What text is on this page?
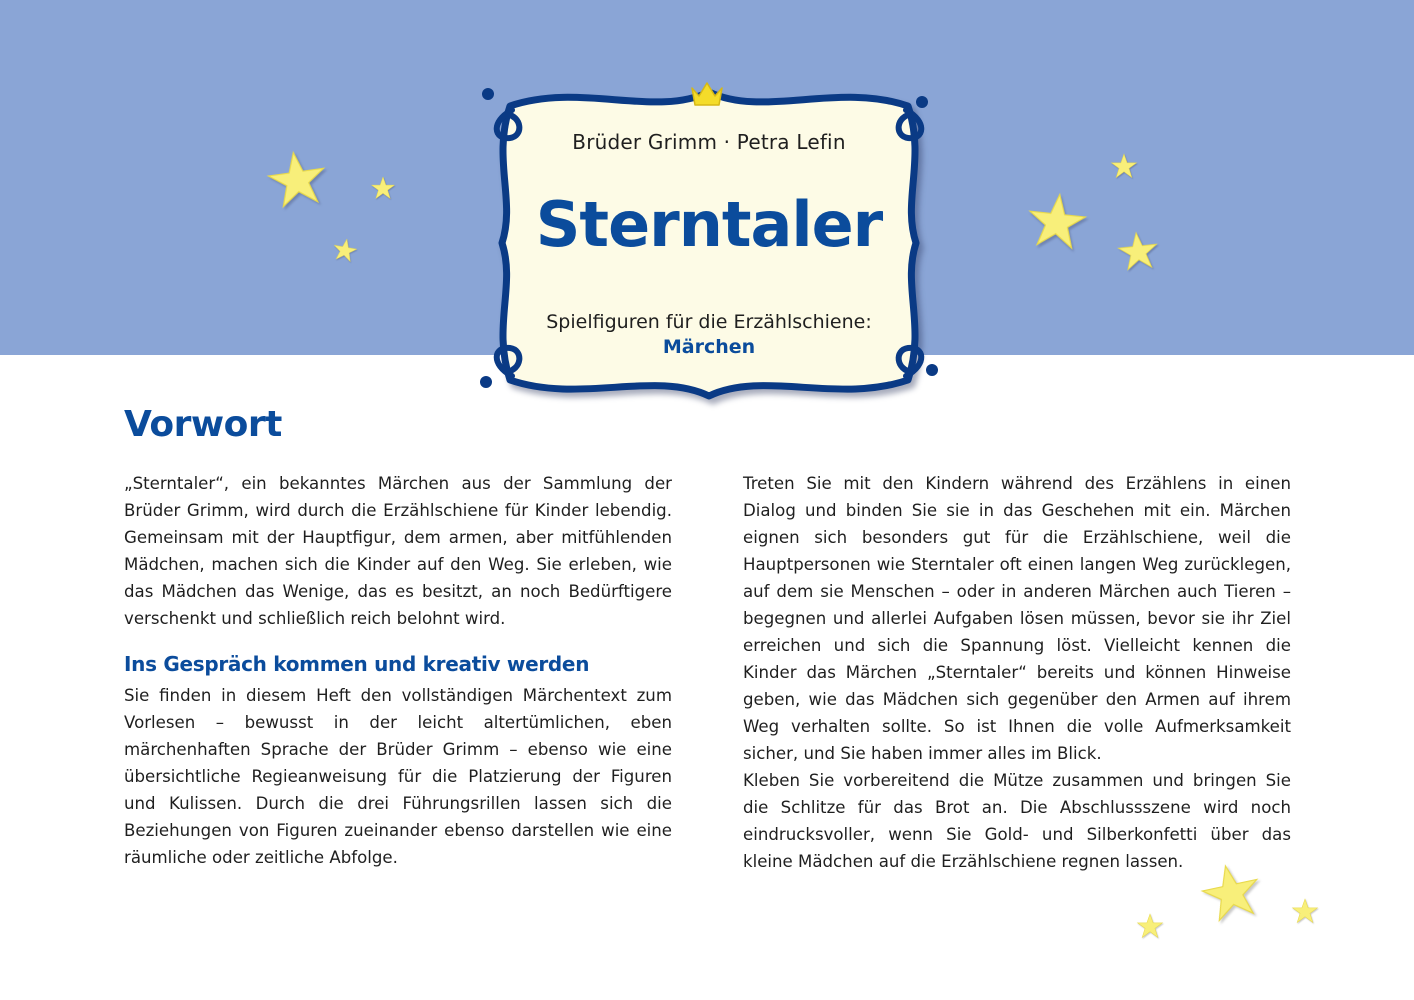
Brüder Grimm · Petra Lefin
Sterntaler
Spielfiguren für die Erzählschiene:
Märchen
Vorwort

„Sterntaler“, ein bekanntes Märchen aus der Sammlung der Brüder Grimm, wird durch die Erzählschiene für Kinder lebendig. Gemeinsam mit der Hauptfigur, dem armen, aber mitfühlenden Mädchen, machen sich die Kinder auf den Weg. Sie erleben, wie das Mädchen das Wenige, das es besitzt, an noch Bedürftigere verschenkt und schließlich reich belohnt wird.

Ins Gespräch kommen und kreativ werden

Sie finden in diesem Heft den vollständigen Märchentext zum Vorlesen – bewusst in der leicht altertümlichen, eben märchenhaften Sprache der Brüder Grimm – ebenso wie eine übersichtliche Regieanweisung für die Platzierung der Figuren und Kulissen. Durch die drei Führungsrillen lassen sich die Beziehungen von Figuren zueinander ebenso darstellen wie eine räumliche oder zeitliche Abfolge.

Treten Sie mit den Kindern während des Erzählens in einen Dialog und binden Sie sie in das Geschehen mit ein. Märchen eignen sich besonders gut für die Erzählschiene, weil die Hauptpersonen wie Sterntaler oft einen langen Weg zurücklegen, auf dem sie Menschen – oder in anderen Märchen auch Tieren – begegnen und allerlei Aufgaben lösen müssen, bevor sie ihr Ziel erreichen und sich die Spannung löst. Vielleicht kennen die Kinder das Märchen „Sterntaler“ bereits und können Hinweise geben, wie das Mädchen sich gegenüber den Armen auf ihrem Weg verhalten sollte. So ist Ihnen die volle Aufmerksamkeit sicher, und Sie haben immer alles im Blick.

Kleben Sie vorbereitend die Mütze zusammen und bringen Sie die Schlitze für das Brot an. Die Abschlussszene wird noch eindrucksvoller, wenn Sie Gold- und Silberkonfetti über das kleine Mädchen auf die Erzählschiene regnen lassen.
